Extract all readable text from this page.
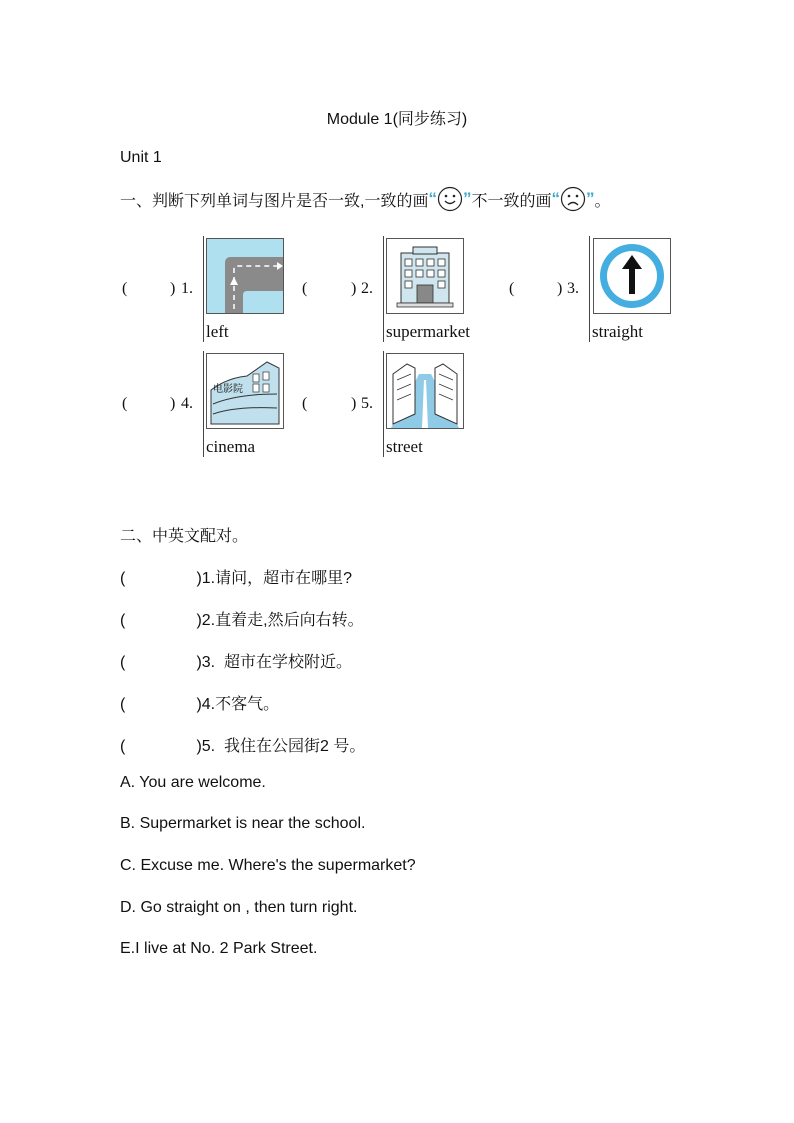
Module 1(同步练习)
Unit 1
一、判断下列单词与图片是否一致,一致的画 “ ” 不一致的画 “ ” 。
(	) 1.
left
(	) 2.
supermarket
(	) 3.
straight
(	) 4.
电影院
cinema
(	) 5.
street
二、中英文配对。
(                )1.请问，超市在哪里?
(                )2.直着走,然后向右转。
(                )3.  超市在学校附近。
(                )4.不客气。
(                )5.  我住在公园街2 号。
A. You are welcome.
B. Supermarket is near the school.
C. Excuse me. Where's the supermarket?
D. Go straight on , then turn right.
E.I live at No. 2 Park Street.
